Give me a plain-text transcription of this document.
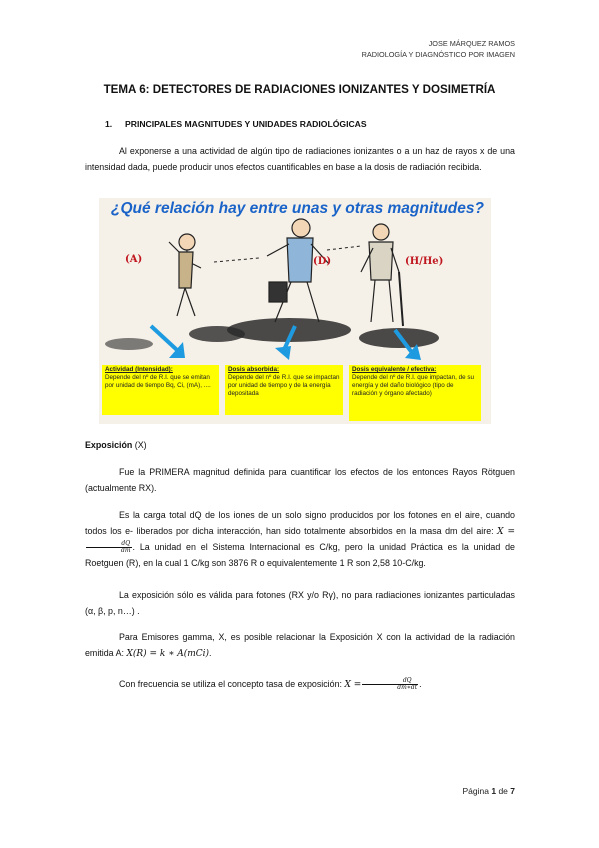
JOSE MÁRQUEZ RAMOS
RADIOLOGÍA Y DIAGNÓSTICO POR IMAGEN
TEMA 6: DETECTORES DE RADIACIONES IONIZANTES Y DOSIMETRÍA
1. PRINCIPALES MAGNITUDES Y UNIDADES RADIOLÓGICAS
Al exponerse a una actividad de algún tipo de radiaciones ionizantes o a un haz de rayos x de una intensidad dada, puede producir unos efectos cuantificables en base a la dosis de radiación recibida.
¿Qué relación hay entre unas y otras magnitudes?
(A)	(D)	(H/He)
Actividad (Intensidad):
Depende del nº de R.I. que se emitan por unidad de tiempo Bq, Ci, (mA), ....
Dosis absorbida:
Depende del nº de R.I. que se impactan por unidad de tiempo y de la energía depositada
Dosis equivalente / efectiva:
Depende del nº de R.I. que impactan, de su energía y del daño biológico (tipo de radiación y órgano afectado)
Exposición (X)
Fue la PRIMERA magnitud definida para cuantificar los efectos de los entonces Rayos Rötguen (actualmente RX).
Es la carga total dQ de los iones de un solo signo producidos por los fotones en el aire, cuando todos los e- liberados por dicha interacción, han sido totalmente absorbidos en la masa dm del aire: X =
$\frac{dQ}{dm}$ . La unidad en el Sistema Internacional es C/kg, pero la unidad Práctica es la unidad de Roetguen (R), en la cual 1 C/kg son 3876 R o equivalentemente 1 R son 2,58 10-C/kg.
La exposición sólo es válida para fotones (RX y/o Rγ), no para radiaciones ionizantes particuladas (α, β, p, n…) .
Para Emisores gamma, X, es posible relacionar la Exposición X con la actividad de la radiación emitida A: X(R) = k ∗ A(mCi).
Con frecuencia se utiliza el concepto tasa de exposición: $X = \frac{dQ}{dm∗dt}$ .
Página 1 de 7
